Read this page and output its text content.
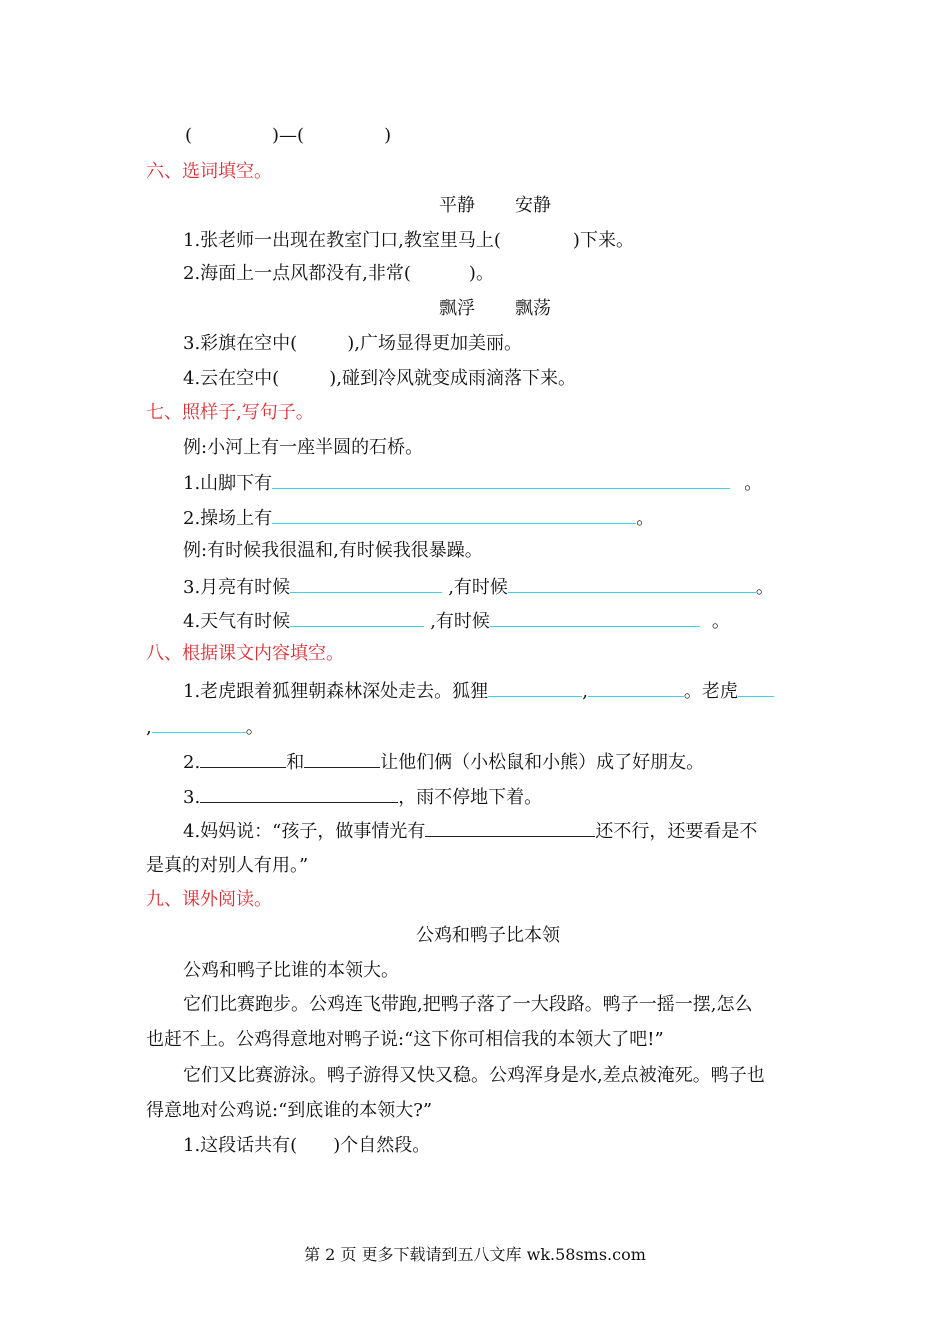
(	)—(	)
六、选词填空。
平静 安静
1.张老师一出现在教室门口,教室里马上(	)下来。
2.海面上一点风都没有,非常(	)。
飘浮 飘荡
3.彩旗在空中(	),广场显得更加美丽。
4.云在空中(	),碰到冷风就变成雨滴落下来。
七、照样子,写句子。
例:小河上有一座半圆的石桥。
1.山脚下有	。
2.操场上有	。
例:有时候我很温和,有时候我很暴躁。
3.月亮有时候	,有时候	。
4.天气有时候	,有时候	。
八、根据课文内容填空。
1.老虎跟着狐狸朝森林深处走去。狐狸	,	。老虎
,	。
2.	和	让他们俩（小松鼠和小熊）成了好朋友。
3.	，雨不停地下着。
4.妈妈说：“孩子，做事情光有	还不行，还要看是不
是真的对别人有用。”
九、课外阅读。
公鸡和鸭子比本领
公鸡和鸭子比谁的本领大。
它们比赛跑步。公鸡连飞带跑,把鸭子落了一大段路。鸭子一摇一摆,怎么
也赶不上。公鸡得意地对鸭子说:“这下你可相信我的本领大了吧!”
它们又比赛游泳。鸭子游得又快又稳。公鸡浑身是水,差点被淹死。鸭子也
得意地对公鸡说:“到底谁的本领大?”
1.这段话共有( )个自然段。
第 2 页 更多下载请到五八文库 wk.58sms.com
